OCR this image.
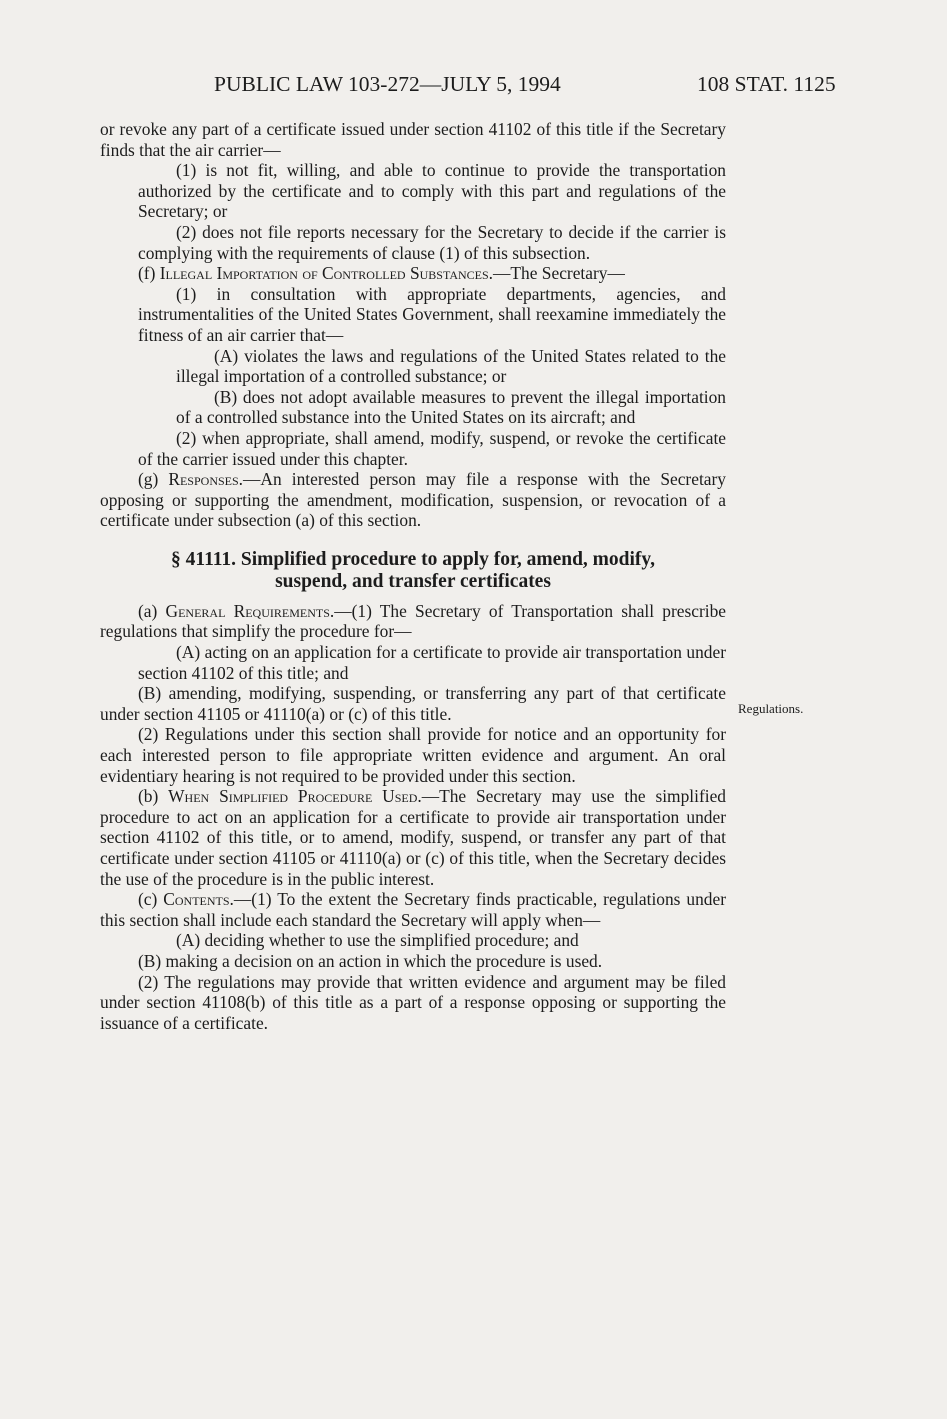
PUBLIC LAW 103-272—JULY 5, 1994	108 STAT. 1125
Regulations.

or revoke any part of a certificate issued under section 41102 of this title if the Secretary finds that the air carrier—

(1) is not fit, willing, and able to continue to provide the transportation authorized by the certificate and to comply with this part and regulations of the Secretary; or

(2) does not file reports necessary for the Secretary to decide if the carrier is complying with the requirements of clause (1) of this subsection.

(f) Illegal Importation of Controlled Substances.—The Secretary—

(1) in consultation with appropriate departments, agencies, and instrumentalities of the United States Government, shall reexamine immediately the fitness of an air carrier that—

(A) violates the laws and regulations of the United States related to the illegal importation of a controlled substance; or

(B) does not adopt available measures to prevent the illegal importation of a controlled substance into the United States on its aircraft; and

(2) when appropriate, shall amend, modify, suspend, or revoke the certificate of the carrier issued under this chapter.

(g) Responses.—An interested person may file a response with the Secretary opposing or supporting the amendment, modification, suspension, or revocation of a certificate under subsection (a) of this section.

§ 41111. Simplified procedure to apply for, amend, modify,
suspend, and transfer certificates

(a) General Requirements.—(1) The Secretary of Transportation shall prescribe regulations that simplify the procedure for—

(A) acting on an application for a certificate to provide air transportation under section 41102 of this title; and

(B) amending, modifying, suspending, or transferring any part of that certificate under section 41105 or 41110(a) or (c) of this title.

(2) Regulations under this section shall provide for notice and an opportunity for each interested person to file appropriate written evidence and argument. An oral evidentiary hearing is not required to be provided under this section.

(b) When Simplified Procedure Used.—The Secretary may use the simplified procedure to act on an application for a certificate to provide air transportation under section 41102 of this title, or to amend, modify, suspend, or transfer any part of that certificate under section 41105 or 41110(a) or (c) of this title, when the Secretary decides the use of the procedure is in the public interest.

(c) Contents.—(1) To the extent the Secretary finds practicable, regulations under this section shall include each standard the Secretary will apply when—

(A) deciding whether to use the simplified procedure; and

(B) making a decision on an action in which the procedure is used.

(2) The regulations may provide that written evidence and argument may be filed under section 41108(b) of this title as a part of a response opposing or supporting the issuance of a certificate.
